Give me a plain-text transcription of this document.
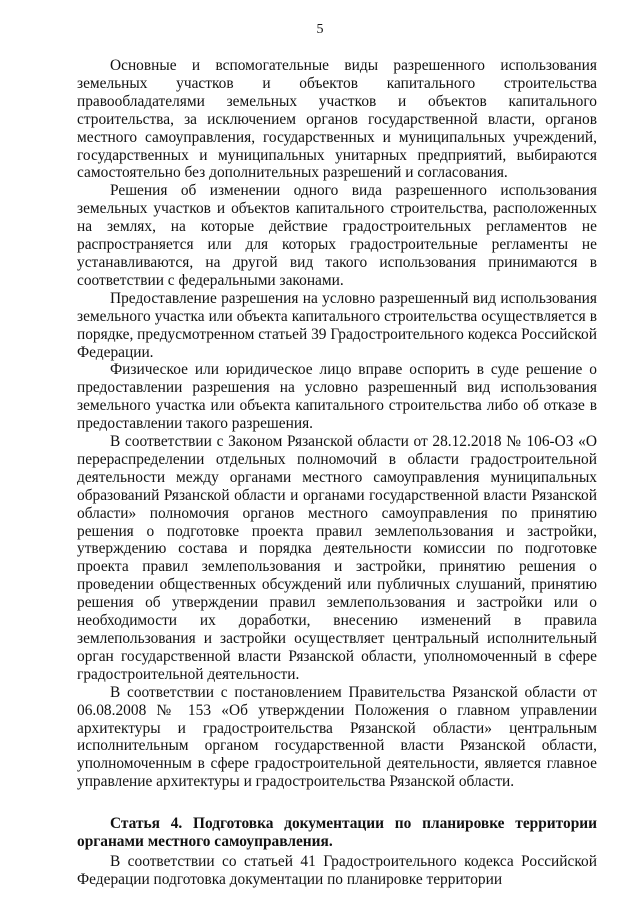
5

Основные и вспомогательные виды разрешенного использования земельных участков и объектов капитального строительства правообладателями земельных участков и объектов капитального строительства, за исключением органов государственной власти, органов местного самоуправления, государственных и муниципальных учреждений, государственных и муниципальных унитарных предприятий, выбираются самостоятельно без дополнительных разрешений и согласования.

Решения об изменении одного вида разрешенного использования земельных участков и объектов капитального строительства, расположенных на землях, на которые действие градостроительных регламентов не распространяется или для которых градостроительные регламенты не устанавливаются, на другой вид такого использования принимаются в соответствии с федеральными законами.

Предоставление разрешения на условно разрешенный вид использования земельного участка или объекта капитального строительства осуществляется в порядке, предусмотренном статьей 39 Градостроительного кодекса Российской Федерации.

Физическое или юридическое лицо вправе оспорить в суде решение о предоставлении разрешения на условно разрешенный вид использования земельного участка или объекта капитального строительства либо об отказе в предоставлении такого разрешения.

В соответствии с Законом Рязанской области от 28.12.2018 № 106-ОЗ «О перераспределении отдельных полномочий в области градостроительной деятельности между органами местного самоуправления муниципальных образований Рязанской области и органами государственной власти Рязанской области» полномочия органов местного самоуправления по принятию решения о подготовке проекта правил землепользования и застройки, утверждению состава и порядка деятельности комиссии по подготовке проекта правил землепользования и застройки, принятию решения о проведении общественных обсуждений или публичных слушаний, принятию решения об утверждении правил землепользования и застройки или о необходимости их доработки, внесению изменений в правила землепользования и застройки осуществляет центральный исполнительный орган государственной власти Рязанской области, уполномоченный в сфере градостроительной деятельности.

В соответствии с постановлением Правительства Рязанской области от 06.08.2008 № 153 «Об утверждении Положения о главном управлении архитектуры и градостроительства Рязанской области» центральным исполнительным органом государственной власти Рязанской области, уполномоченным в сфере градостроительной деятельности, является главное управление архитектуры и градостроительства Рязанской области.

Статья 4. Подготовка документации по планировке территории органами местного самоуправления.

В соответствии со статьей 41 Градостроительного кодекса Российской Федерации подготовка документации по планировке территории
